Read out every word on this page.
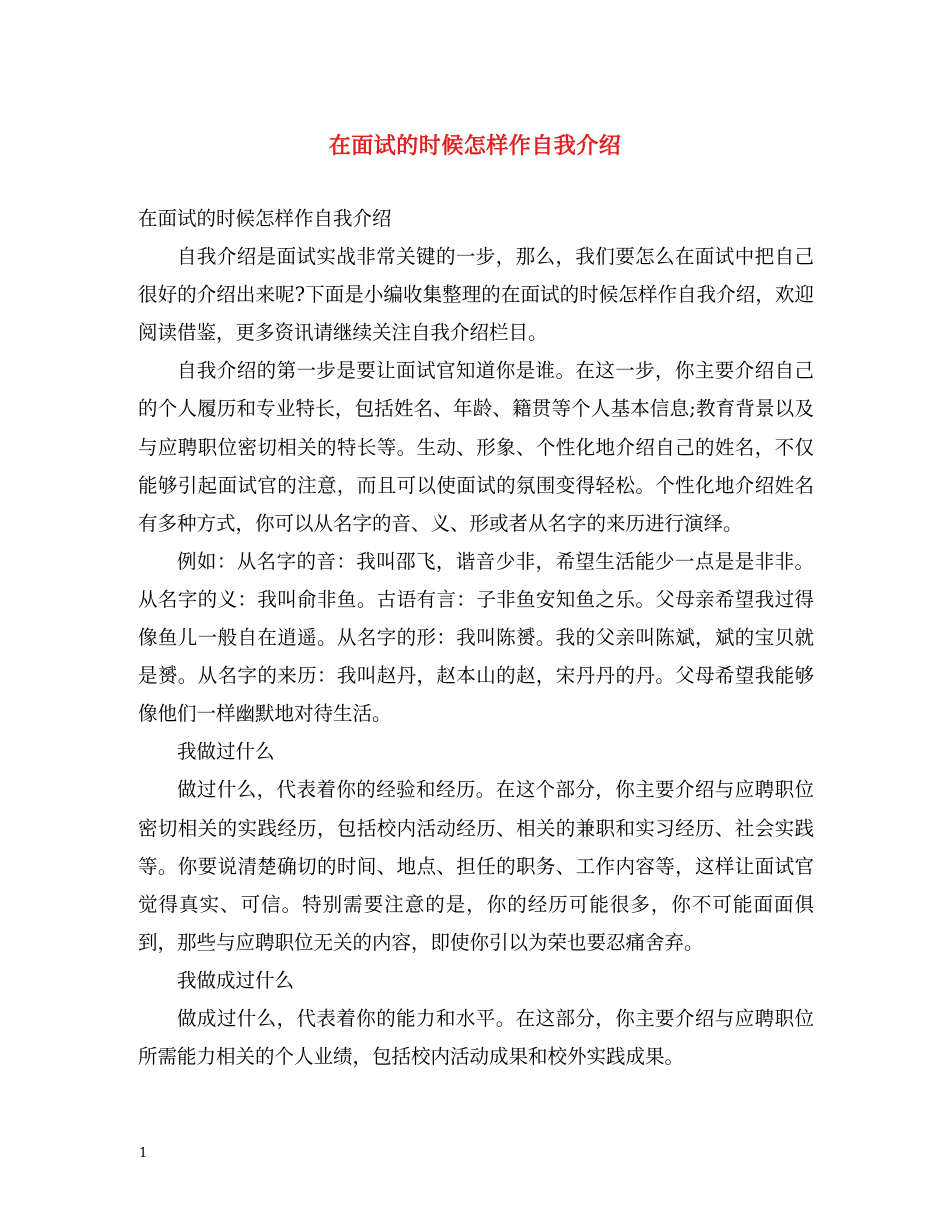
在面试的时候怎样作自我介绍

在面试的时候怎样作自我介绍

自我介绍是面试实战非常关键的一步，那么，我们要怎么在面试中把自己很好的介绍出来呢?下面是小编收集整理的在面试的时候怎样作自我介绍，欢迎阅读借鉴，更多资讯请继续关注自我介绍栏目。

自我介绍的第一步是要让面试官知道你是谁。在这一步，你主要介绍自己的个人履历和专业特长，包括姓名、年龄、籍贯等个人基本信息;教育背景以及与应聘职位密切相关的特长等。生动、形象、个性化地介绍自己的姓名，不仅能够引起面试官的注意，而且可以使面试的氛围变得轻松。个性化地介绍姓名有多种方式，你可以从名字的音、义、形或者从名字的来历进行演绎。

例如：从名字的音：我叫邵飞，谐音少非，希望生活能少一点是是非非。从名字的义：我叫俞非鱼。古语有言：子非鱼安知鱼之乐。父母亲希望我过得像鱼儿一般自在逍遥。从名字的形：我叫陈赟。我的父亲叫陈斌，斌的宝贝就是赟。从名字的来历：我叫赵丹，赵本山的赵，宋丹丹的丹。父母希望我能够像他们一样幽默地对待生活。

我做过什么

做过什么，代表着你的经验和经历。在这个部分，你主要介绍与应聘职位密切相关的实践经历，包括校内活动经历、相关的兼职和实习经历、社会实践等。你要说清楚确切的时间、地点、担任的职务、工作内容等，这样让面试官觉得真实、可信。特别需要注意的是，你的经历可能很多，你不可能面面俱到，那些与应聘职位无关的内容，即使你引以为荣也要忍痛舍弃。

我做成过什么

做成过什么，代表着你的能力和水平。在这部分，你主要介绍与应聘职位所需能力相关的个人业绩，包括校内活动成果和校外实践成果。

1
